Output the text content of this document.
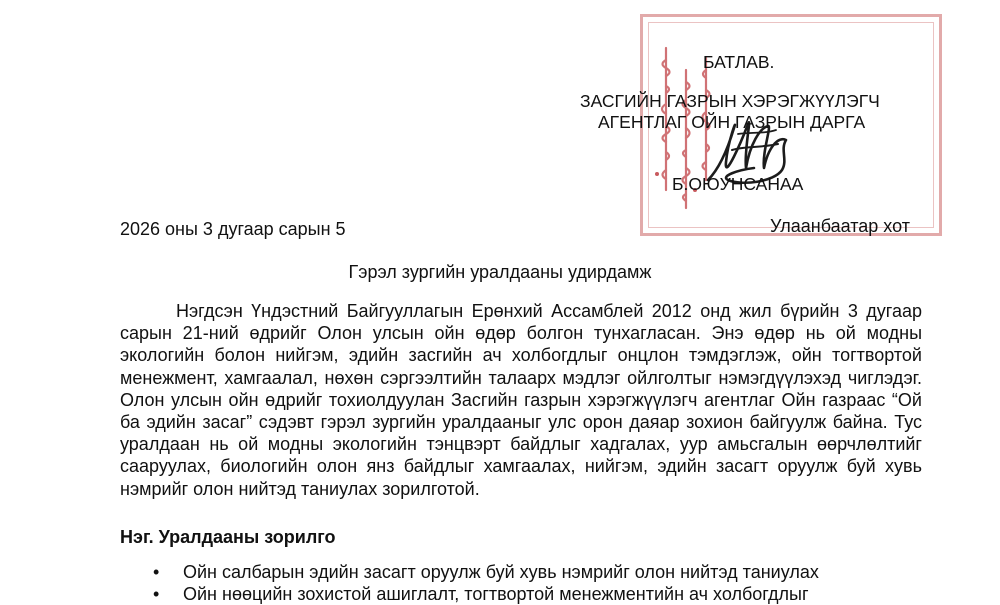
БАТЛАВ.
ЗАСГИЙН ГАЗРЫН ХЭРЭГЖҮҮЛЭГЧ
АГЕНТЛАГ ОЙН ГАЗРЫН ДАРГА
Б.ОЮУНСАНАА
Улаанбаатар хот
2026 оны 3 дугаар сарын 5
Гэрэл зургийн уралдааны удирдамж

Нэгдсэн Үндэстний Байгууллагын Ерөнхий Ассамблей 2012 онд жил бүрийн 3 дугаар сарын 21-ний өдрийг Олон улсын ойн өдөр болгон тунхагласан. Энэ өдөр нь ой модны экологийн болон нийгэм, эдийн засгийн ач холбогдлыг онцлон тэмдэглэж, ойн тогтвортой менежмент, хамгаалал, нөхөн сэргээлтийн талаарх мэдлэг ойлголтыг нэмэгдүүлэхэд чиглэдэг. Олон улсын ойн өдрийг тохиолдуулан Засгийн газрын хэрэгжүүлэгч агентлаг Ойн газраас “Ой ба эдийн засаг” сэдэвт гэрэл зургийн уралдааныг улс орон даяар зохион байгуулж байна. Тус уралдаан нь ой модны экологийн тэнцвэрт байдлыг хадгалах, уур амьсгалын өөрчлөлтийг сааруулах, биологийн олон янз байдлыг хамгаалах, нийгэм, эдийн засагт оруулж буй хувь нэмрийг олон нийтэд таниулах зорилготой.

Нэг. Уралдааны зорилго
• Ойн салбарын эдийн засагт оруулж буй хувь нэмрийг олон нийтэд таниулах
• Ойн нөөцийн зохистой ашиглалт, тогтвортой менежментийн ач холбогдлыг
